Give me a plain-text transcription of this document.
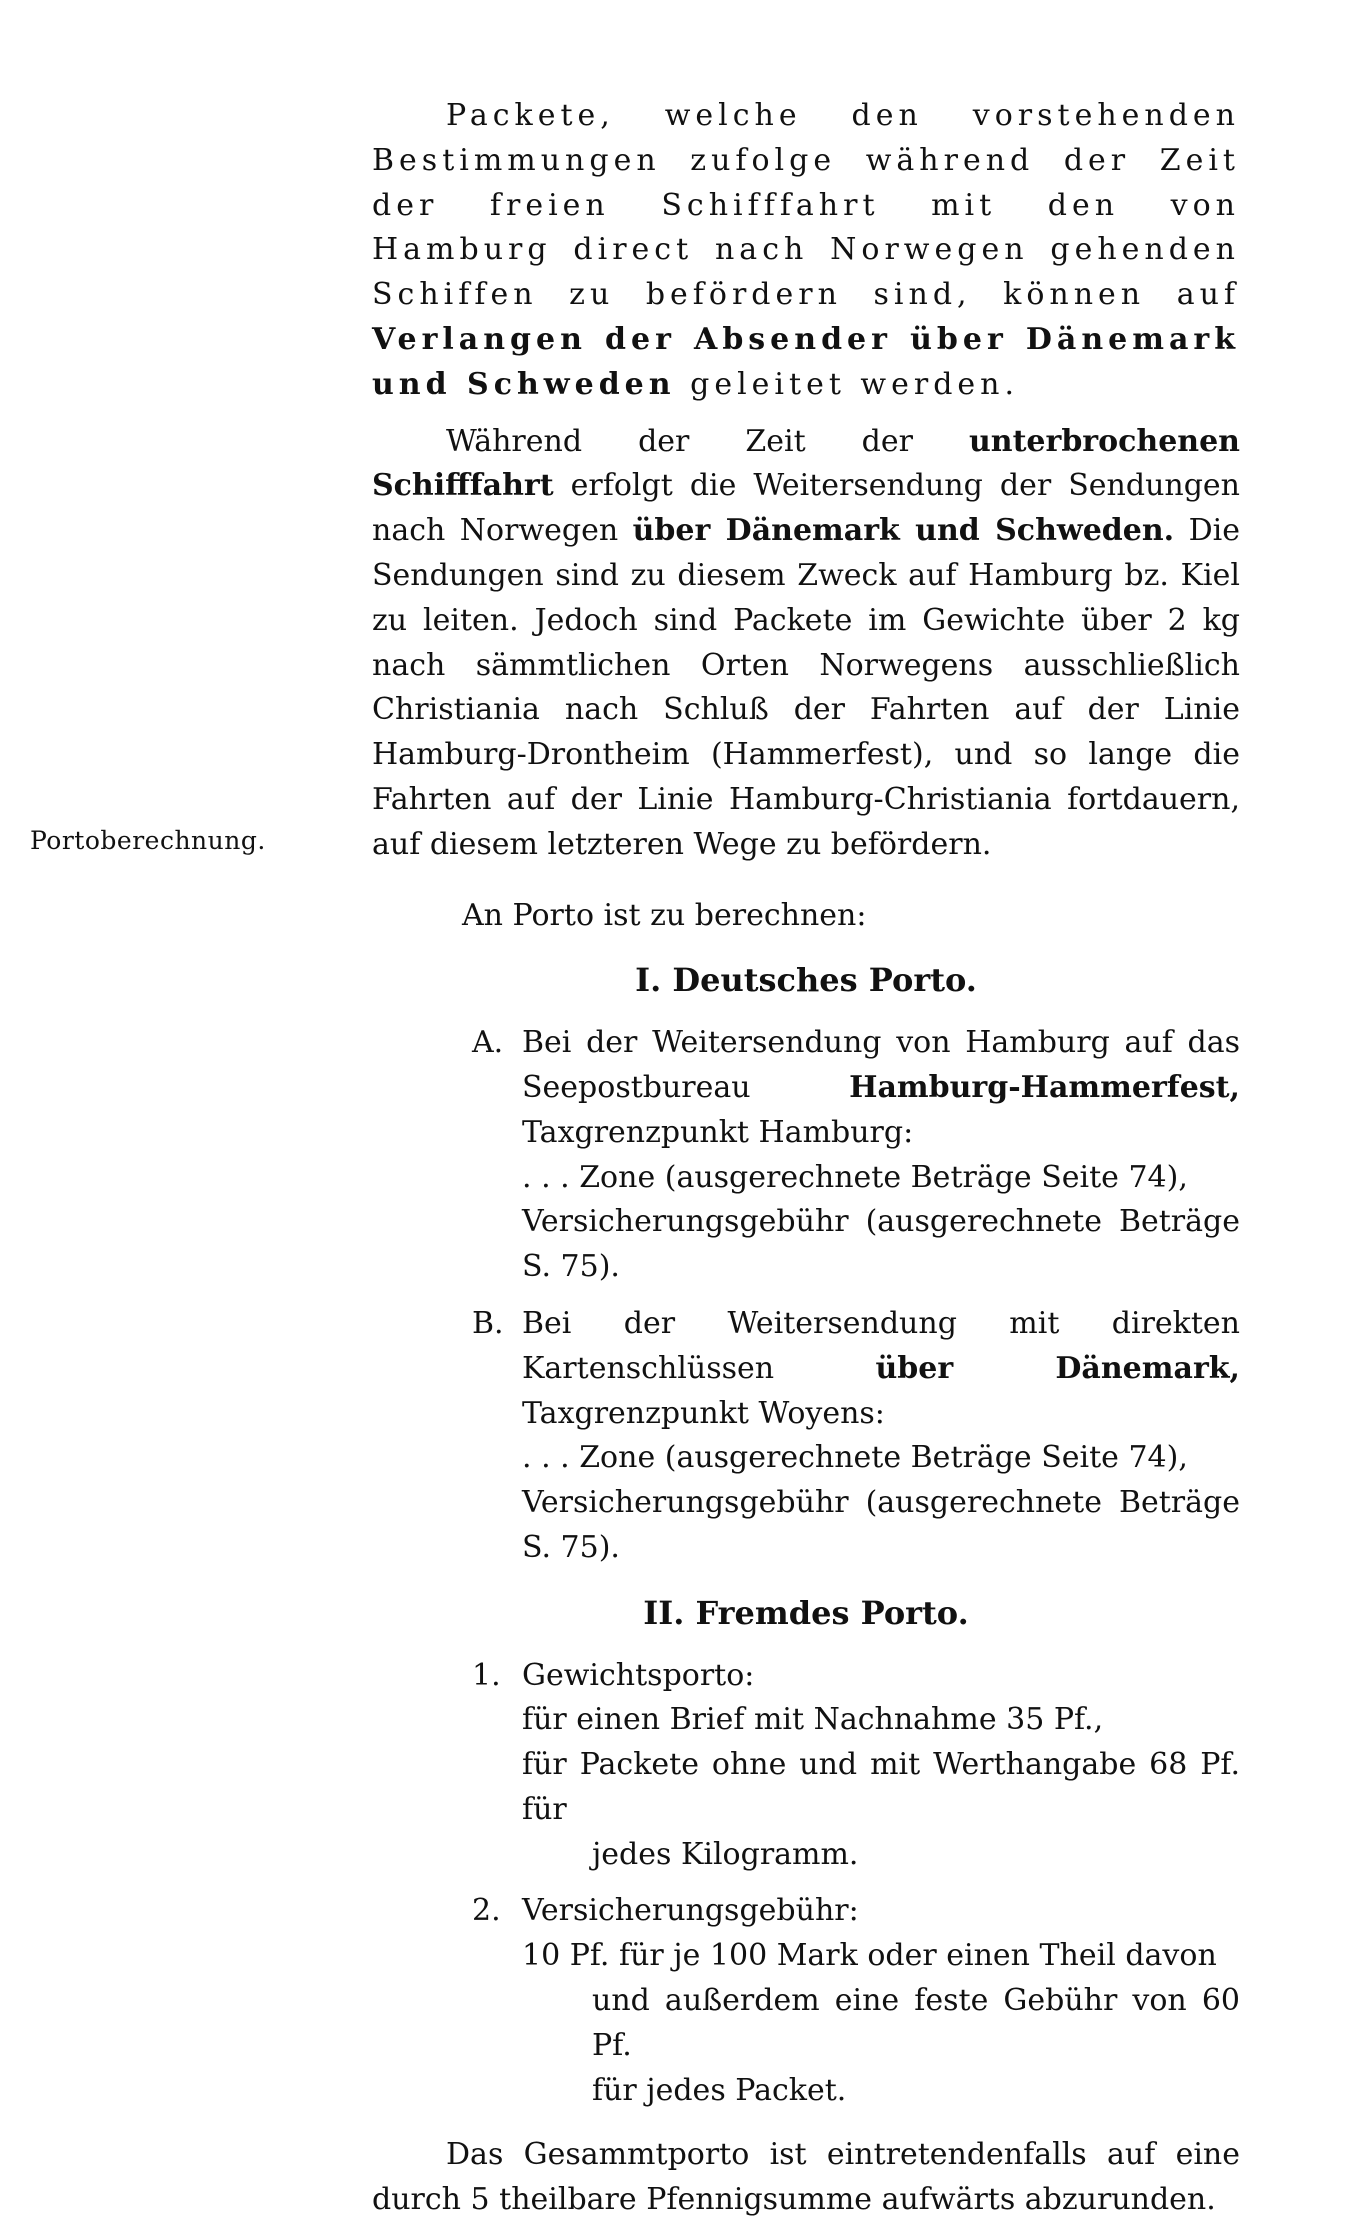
Portoberechnung.

Packete, welche den vorstehenden Bestimmungen zufolge während der Zeit der freien Schifffahrt mit den von Hamburg direct nach Norwegen gehenden Schiffen zu befördern sind, können auf Verlangen der Absender über Dänemark und Schweden geleitet werden.

Während der Zeit der unterbrochenen Schifffahrt erfolgt die Weitersendung der Sendungen nach Norwegen über Dänemark und Schweden. Die Sendungen sind zu diesem Zweck auf Hamburg bz. Kiel zu leiten. Jedoch sind Packete im Gewichte über 2 kg nach sämmtlichen Orten Norwegens ausschließlich Christiania nach Schluß der Fahrten auf der Linie Hamburg-Drontheim (Hammerfest), und so lange die Fahrten auf der Linie Hamburg-Christiania fortdauern, auf diesem letzteren Wege zu befördern.

An Porto ist zu berechnen:
I. Deutsches Porto.
A. Bei der Weitersendung von Hamburg auf das Seepostbureau	Hamburg-Hammerfest, Taxgrenzpunkt Hamburg:
. . . Zone (ausgerechnete Beträge Seite 74),
Versicherungsgebühr (ausgerechnete Beträge S. 75).
B. Bei der Weitersendung mit direkten Kartenschlüssen	über Dänemark, Taxgrenzpunkt Woyens:
. . . Zone (ausgerechnete Beträge Seite 74),
Versicherungsgebühr (ausgerechnete Beträge S. 75).
II. Fremdes Porto.
1. Gewichtsporto:
für einen Brief mit Nachnahme 35 Pf.,
für Packete ohne und mit Werthangabe 68 Pf. für
jedes Kilogramm.
2. Versicherungsgebühr:
10 Pf. für je 100 Mark oder einen Theil davon
und außerdem eine feste Gebühr von 60 Pf.
für jedes Packet.

Das Gesammtporto ist eintretendenfalls auf eine durch 5 theilbare Pfennigsumme aufwärts abzurunden.
